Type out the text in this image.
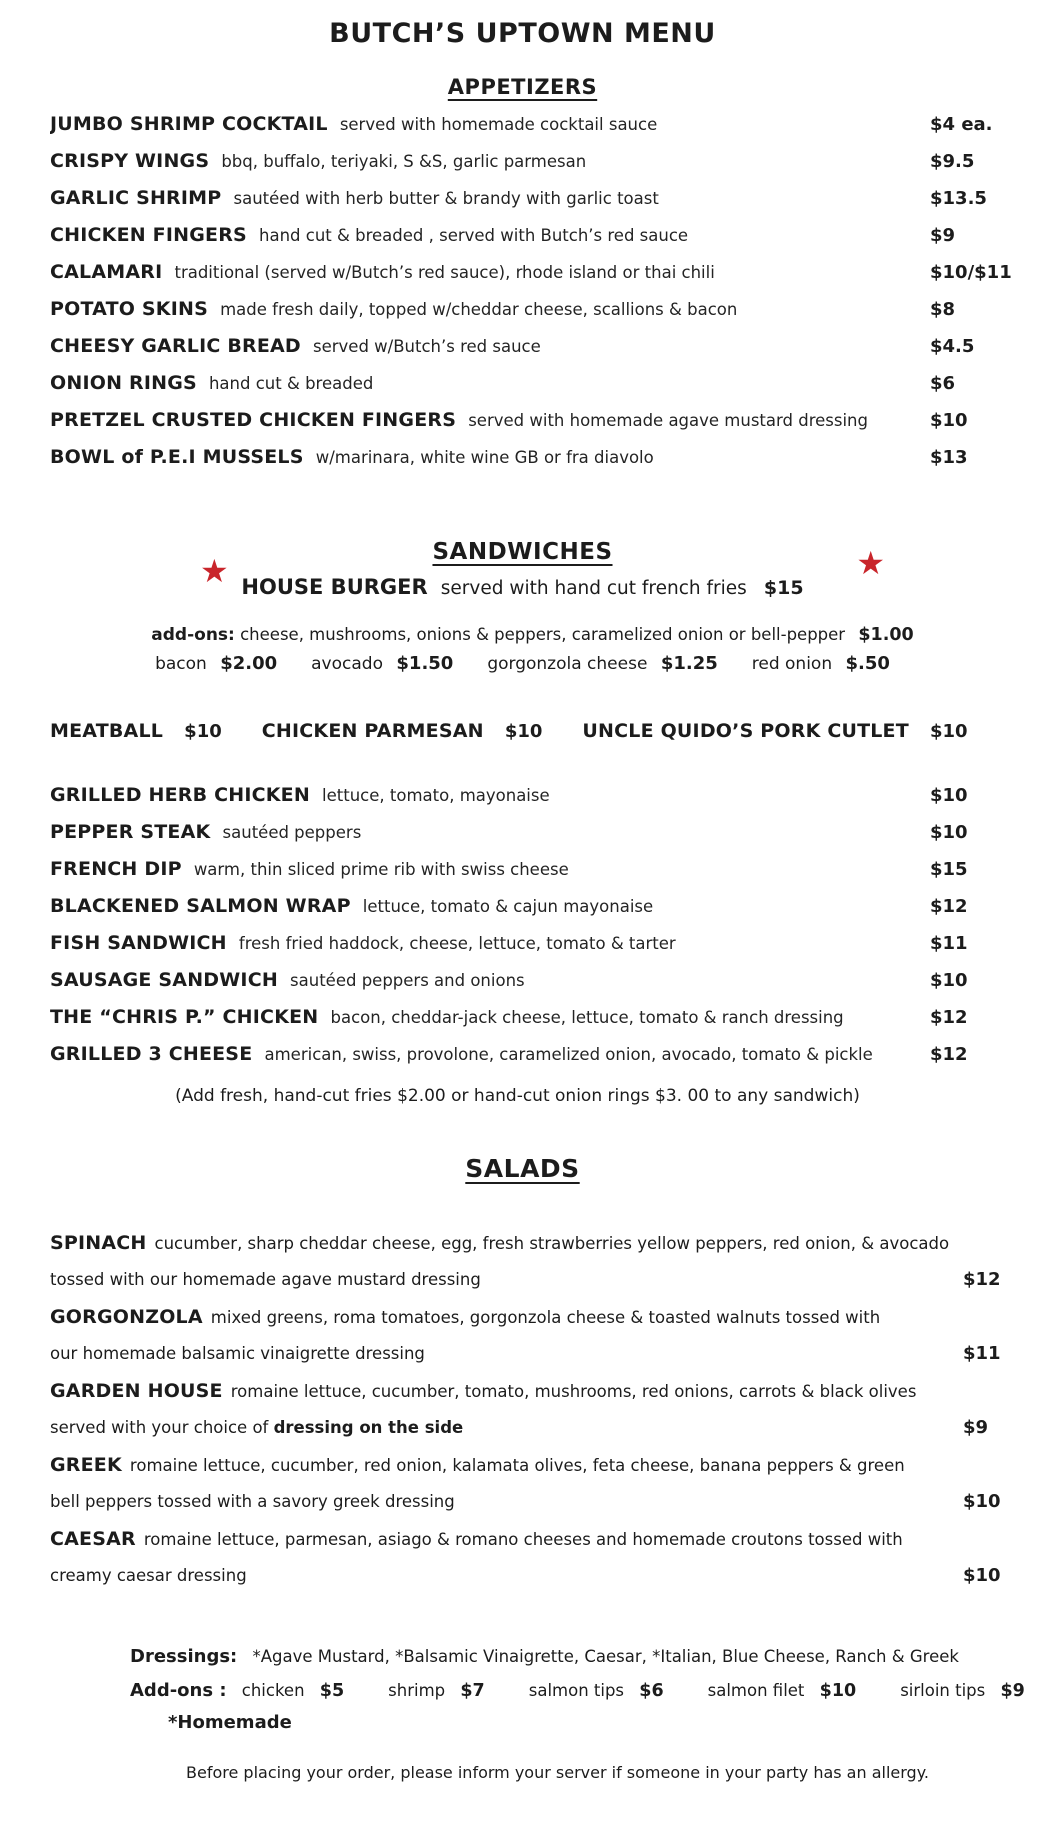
BUTCH’S UPTOWN MENU
APPETIZERS
JUMBO SHRIMP COCKTAIL served with homemade cocktail sauce	$4 ea.
CRISPY WINGS bbq, buffalo, teriyaki, S &S, garlic parmesan	$9.5
GARLIC SHRIMP sautéed with herb butter & brandy with garlic toast	$13.5
CHICKEN FINGERS hand cut & breaded , served with Butch’s red sauce	$9
CALAMARI traditional (served w/Butch’s red sauce), rhode island or thai chili	$10/$11
POTATO SKINS made fresh daily, topped w/cheddar cheese, scallions & bacon	$8
CHEESY GARLIC BREAD served w/Butch’s red sauce	$4.5
ONION RINGS hand cut & breaded	$6
PRETZEL CRUSTED CHICKEN FINGERS served with homemade agave mustard dressing	$10
BOWL of P.E.I MUSSELS w/marinara, white wine GB or fra diavolo	$13
★	SANDWICHES	★
HOUSE BURGER served with hand cut french fries $15
add-ons: cheese, mushrooms, onions & peppers, caramelized onion or bell-pepper $1.00
bacon $2.00 avocado $1.50 gorgonzola cheese $1.25 red onion $.50
MEATBALL $10 CHICKEN PARMESAN $10 UNCLE QUIDO’S PORK CUTLET $10
GRILLED HERB CHICKEN lettuce, tomato, mayonaise	$10
PEPPER STEAK sautéed peppers	$10
FRENCH DIP warm, thin sliced prime rib with swiss cheese	$15
BLACKENED SALMON WRAP lettuce, tomato & cajun mayonaise	$12
FISH SANDWICH fresh fried haddock, cheese, lettuce, tomato & tarter	$11
SAUSAGE SANDWICH sautéed peppers and onions	$10
THE “CHRIS P.” CHICKEN bacon, cheddar-jack cheese, lettuce, tomato & ranch dressing	$12
GRILLED 3 CHEESE american, swiss, provolone, caramelized onion, avocado, tomato & pickle	$12
(Add fresh, hand-cut fries $2.00 or hand-cut onion rings $3. 00 to any sandwich)
SALADS
SPINACH cucumber, sharp cheddar cheese, egg, fresh strawberries yellow peppers, red onion, & avocado
tossed with our homemade agave mustard dressing	$12
GORGONZOLA mixed greens, roma tomatoes, gorgonzola cheese & toasted walnuts tossed with
our homemade balsamic vinaigrette dressing	$11
GARDEN HOUSE romaine lettuce, cucumber, tomato, mushrooms, red onions, carrots & black olives
served with your choice of dressing on the side	$9
GREEK romaine lettuce, cucumber, red onion, kalamata olives, feta cheese, banana peppers & green
bell peppers tossed with a savory greek dressing	$10
CAESAR romaine lettuce, parmesan, asiago & romano cheeses and homemade croutons tossed with
creamy caesar dressing	$10
Dressings: *Agave Mustard, *Balsamic Vinaigrette, Caesar, *Italian, Blue Cheese, Ranch & Greek
Add-ons : chicken $5	shrimp $7	salmon tips $6	salmon filet $10	sirloin tips $9
*Homemade
Before placing your order, please inform your server if someone in your party has an allergy.
